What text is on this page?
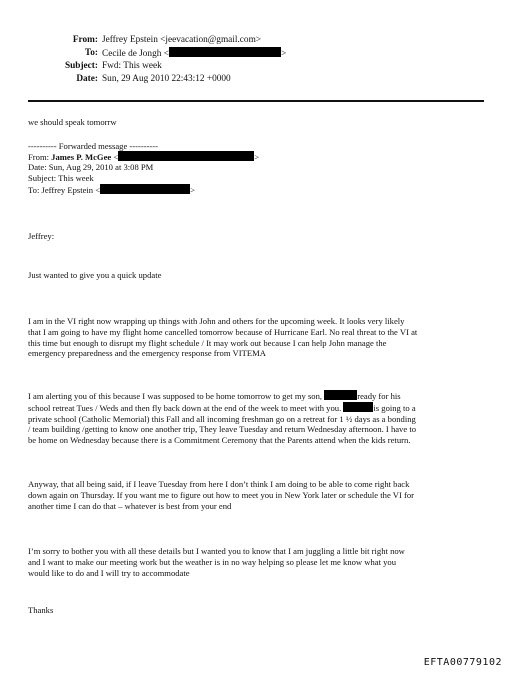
From: Jeffrey Epstein <jeevacation@gmail.com>
To: Cecile de Jongh <	>
Subject: Fwd: This week
Date: Sun, 29 Aug 2010 22:43:12 +0000
we should speak tomorrw
---------- Forwarded message ----------
From: James P. McGee <	>
Date: Sun, Aug 29, 2010 at 3:08 PM
Subject: This week
To: Jeffrey Epstein <	>
Jeffrey:
Just wanted to give you a quick update
I am in the VI right now wrapping up things with John and others for the upcoming week. It looks very likely
that I am going to have my flight home cancelled tomorrow because of Hurricane Earl. No real threat to the VI at
this time but enough to disrupt my flight schedule / It may work out because I can help John manage the
emergency preparedness and the emergency response from VITEMA
I am alerting you of this because I was supposed to be home tomorrow to get my son,	ready for his
school retreat Tues / Weds and then fly back down at the end of the week to meet with you.	is going to a
private school (Catholic Memorial) this Fall and all incoming freshman go on a retreat for 1 ½ days as a bonding
/ team building /getting to know one another trip, They leave Tuesday and return Wednesday afternoon. I have to
be home on Wednesday because there is a Commitment Ceremony that the Parents attend when the kids return.
Anyway, that all being said, if I leave Tuesday from here I don’t think I am doing to be able to come right back
down again on Thursday. If you want me to figure out how to meet you in New York later or schedule the VI for
another time I can do that – whatever is best from your end
I’m sorry to bother you with all these details but I wanted you to know that I am juggling a little bit right now
and I want to make our meeting work but the weather is in no way helping so please let me know what you
would like to do and I will try to accommodate
Thanks
EFTA00779102
